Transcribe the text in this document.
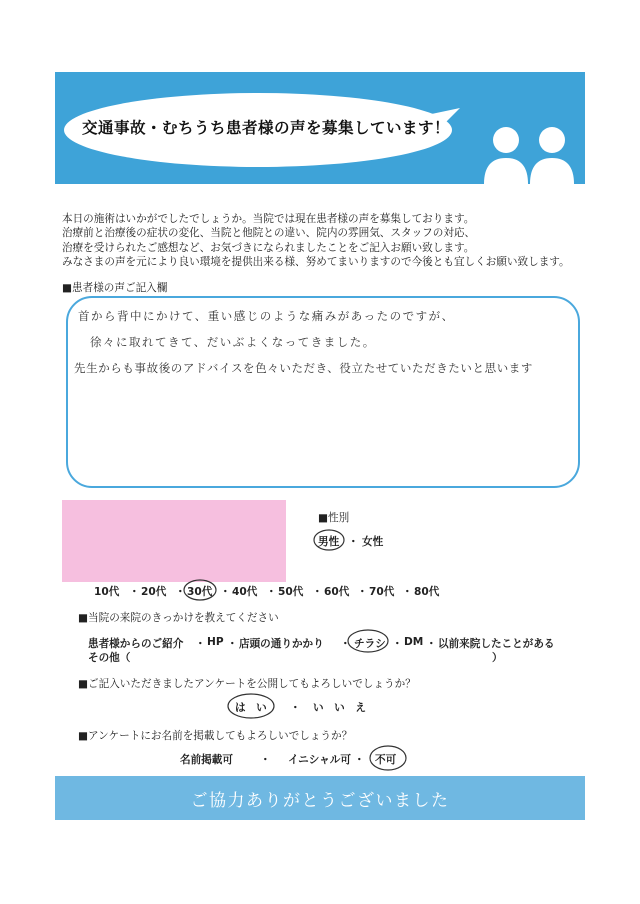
交通事故・むちうち患者様の声を募集しています！
本日の施術はいかがでしたでしょうか。当院では現在患者様の声を募集しております。
治療前と治療後の症状の変化、当院と他院との違い、院内の雰囲気、スタッフの対応、
治療を受けられたご感想など、お気づきになられましたことをご記入お願い致します。
みなさまの声を元により良い環境を提供出来る様、努めてまいりますので今後とも宜しくお願い致します。
■患者様の声ご記入欄
首から背中にかけて、重い感じのような痛みがあったのですが、
徐々に取れてきて、だいぶよくなってきました。
先生からも事故後のアドバイスを色々いただき、役立たせていただきたいと思います
■性別
男性 ・ 女性
10代 ・ 20代 ・ 30代 ・ 40代 ・ 50代 ・ 60代 ・ 70代 ・ 80代
■当院の来院のきっかけを教えてください
患者様からのご紹介 ・ HP ・ 店頭の通りかかり ・ チラシ ・ DM ・ 以前来院したことがある
その他（	）
■ご記入いただきましたアンケートを公開してもよろしいでしょうか？
は　い ・ い　い　え
■アンケートにお名前を掲載してもよろしいでしょうか？
名前掲載可	・ イニシャル可 ・ 不可
ご協力ありがとうございました
